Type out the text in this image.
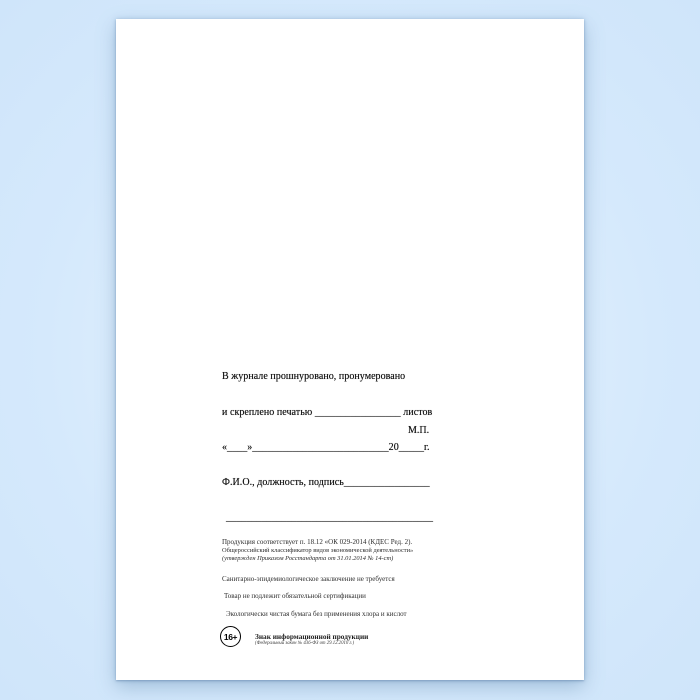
В журнале прошнуровано, пронумеровано

и скреплено печатью _________________ листов

«____»___________________________20_____г.

Ф.И.О., должность, подпись_________________

_________________________________________

М.П.
Продукция соответствует п. 18.12 «ОК 029-2014 (КДЕС Ред. 2).
Общероссийский классификатор видов экономической деятельности»
(утвержден Приказом Росстандарта от 31.01.2014 № 14-ст)
Санитарно-эпидемиологическое заключение не требуется
Товар не подлежит обязательной сертификации
Экологически чистая бумага без применения хлора и кислот
16+ Знак информационной продукции
(Федеральный закон № 436-ФЗ от 29.12.2010 г.)
